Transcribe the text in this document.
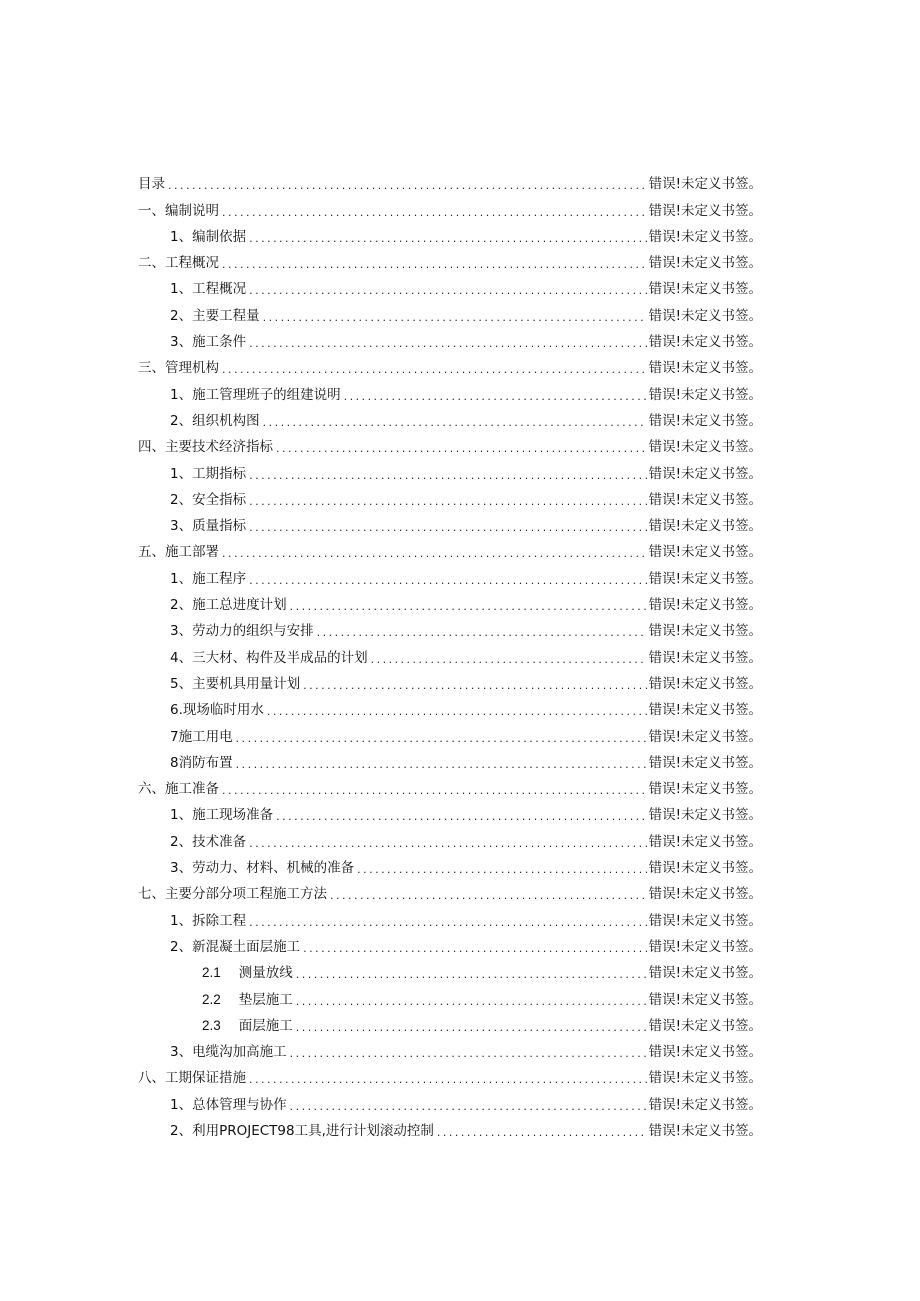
目录 . . .	错误!未定义书签。
一、编制说明 . . .	错误!未定义书签。
1、编制依据 . . .	错误!未定义书签。
二、工程概况 . . .	错误!未定义书签。
1、工程概况 . . .	错误!未定义书签。
2、主要工程量 . . .	错误!未定义书签。
3、施工条件 . . .	错误!未定义书签。
三、管理机构 . . .	错误!未定义书签。
1、施工管理班子的组建说明 . . .	错误!未定义书签。
2、组织机构图 . . .	错误!未定义书签。
四、主要技术经济指标 . . .	错误!未定义书签。
1、工期指标 . . .	错误!未定义书签。
2、安全指标 . . .	错误!未定义书签。
3、质量指标 . . .	错误!未定义书签。
五、施工部署 . . .	错误!未定义书签。
1、施工程序 . . .	错误!未定义书签。
2、施工总进度计划 . . .	错误!未定义书签。
3、劳动力的组织与安排 . . .	错误!未定义书签。
4、三大材、构件及半成品的计划 . . .	错误!未定义书签。
5、主要机具用量计划 . . .	错误!未定义书签。
6.现场临时用水 . . .	错误!未定义书签。
7施工用电 . . .	错误!未定义书签。
8消防布置 . . .	错误!未定义书签。
六、施工准备 . . .	错误!未定义书签。
1、施工现场准备 . . .	错误!未定义书签。
2、技术准备 . . .	错误!未定义书签。
3、劳动力、材料、机械的准备 . . .	错误!未定义书签。
七、主要分部分项工程施工方法 . . .	错误!未定义书签。
1、拆除工程 . . .	错误!未定义书签。
2、新混凝土面层施工 . . .	错误!未定义书签。
2.1 测量放线 . . .	错误!未定义书签。
2.2 垫层施工 . . .	错误!未定义书签。
2.3 面层施工 . . .	错误!未定义书签。
3、电缆沟加高施工 . . .	错误!未定义书签。
八、工期保证措施 . . .	错误!未定义书签。
1、总体管理与协作 . . .	错误!未定义书签。
2、利用PROJECT98工具,进行计划滚动控制 . . .	错误!未定义书签。
